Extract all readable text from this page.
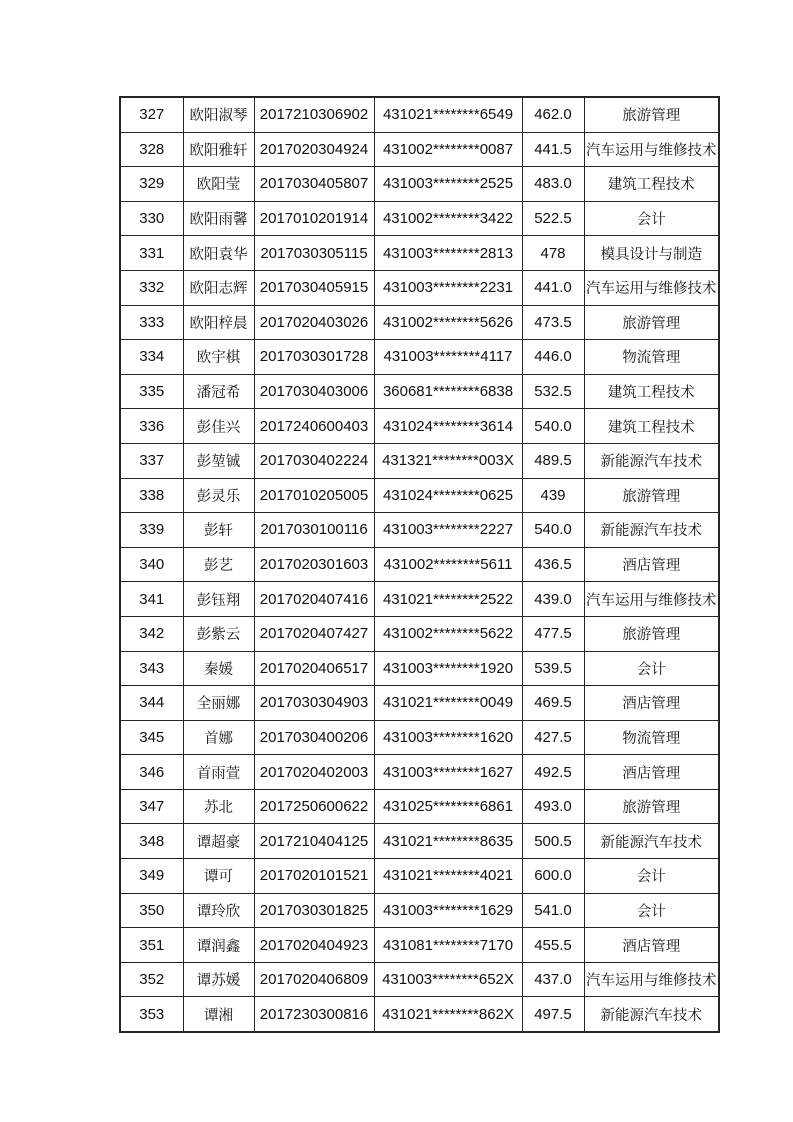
327	欧阳淑琴	2017210306902	431021********6549	462.0	旅游管理
328	欧阳雅轩	2017020304924	431002********0087	441.5	汽车运用与维修技术
329	欧阳莹	2017030405807	431003********2525	483.0	建筑工程技术
330	欧阳雨馨	2017010201914	431002********3422	522.5	会计
331	欧阳袁华	2017030305115	431003********2813	478	模具设计与制造
332	欧阳志辉	2017030405915	431003********2231	441.0	汽车运用与维修技术
333	欧阳梓晨	2017020403026	431002********5626	473.5	旅游管理
334	欧宇棋	2017030301728	431003********4117	446.0	物流管理
335	潘冠希	2017030403006	360681********6838	532.5	建筑工程技术
336	彭佳兴	2017240600403	431024********3614	540.0	建筑工程技术
337	彭堃铖	2017030402224	431321********003X	489.5	新能源汽车技术
338	彭灵乐	2017010205005	431024********0625	439	旅游管理
339	彭轩	2017030100116	431003********2227	540.0	新能源汽车技术
340	彭艺	2017020301603	431002********5611	436.5	酒店管理
341	彭钰翔	2017020407416	431021********2522	439.0	汽车运用与维修技术
342	彭紫云	2017020407427	431002********5622	477.5	旅游管理
343	秦媛	2017020406517	431003********1920	539.5	会计
344	全丽娜	2017030304903	431021********0049	469.5	酒店管理
345	首娜	2017030400206	431003********1620	427.5	物流管理
346	首雨萱	2017020402003	431003********1627	492.5	酒店管理
347	苏北	2017250600622	431025********6861	493.0	旅游管理
348	谭超豪	2017210404125	431021********8635	500.5	新能源汽车技术
349	谭可	2017020101521	431021********4021	600.0	会计
350	谭玲欣	2017030301825	431003********1629	541.0	会计
351	谭润鑫	2017020404923	431081********7170	455.5	酒店管理
352	谭苏媛	2017020406809	431003********652X	437.0	汽车运用与维修技术
353	谭湘	2017230300816	431021********862X	497.5	新能源汽车技术
